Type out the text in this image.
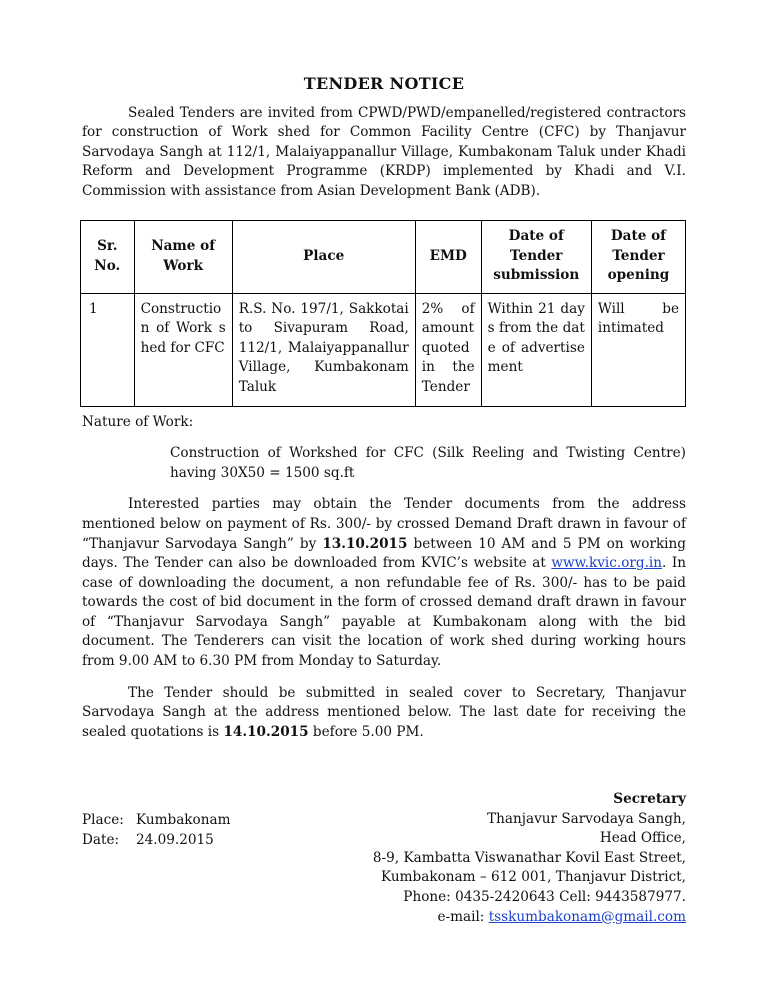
TENDER NOTICE

Sealed Tenders are invited from CPWD/PWD/empanelled/registered contractors for construction of Work shed for Common Facility Centre (CFC) by Thanjavur Sarvodaya Sangh at 112/1, Malaiyappanallur Village, Kumbakonam Taluk under Khadi Reform and Development Programme (KRDP) implemented by Khadi and V.I. Commission with assistance from Asian Development Bank (ADB).

Sr. No.	Name of Work	Place	EMD	Date of Tender submission	Date of Tender opening
1	Construction of Work shed for CFC	R.S. No. 197/1, Sakkotai to Sivapuram Road, 112/1, Malaiyappanallur Village, Kumbakonam Taluk	2% of amount quoted in the Tender	Within 21 days from the date of advertisement	Will be intimated
Nature of Work:

Construction of Workshed for CFC (Silk Reeling and Twisting Centre) having 30X50 = 1500 sq.ft

Interested parties may obtain the Tender documents from the address mentioned below on payment of Rs. 300/- by crossed Demand Draft drawn in favour of “Thanjavur Sarvodaya Sangh” by 13.10.2015 between 10 AM and 5 PM on working days. The Tender can also be downloaded from KVIC’s website at www.kvic.org.in. In case of downloading the document, a non refundable fee of Rs. 300/- has to be paid towards the cost of bid document in the form of crossed demand draft drawn in favour of “Thanjavur Sarvodaya Sangh” payable at Kumbakonam along with the bid document. The Tenderers can visit the location of work shed during working hours from 9.00 AM to 6.30 PM from Monday to Saturday.

The Tender should be submitted in sealed cover to Secretary, Thanjavur Sarvodaya Sangh at the address mentioned below. The last date for receiving the sealed quotations is 14.10.2015 before 5.00 PM.

Place: Kumbakonam
Date: 24.09.2015
Secretary
Thanjavur Sarvodaya Sangh,
Head Office,
8-9, Kambatta Viswanathar Kovil East Street,
Kumbakonam – 612 001, Thanjavur District,
Phone: 0435-2420643 Cell: 9443587977.
e-mail: tsskumbakonam@gmail.com
